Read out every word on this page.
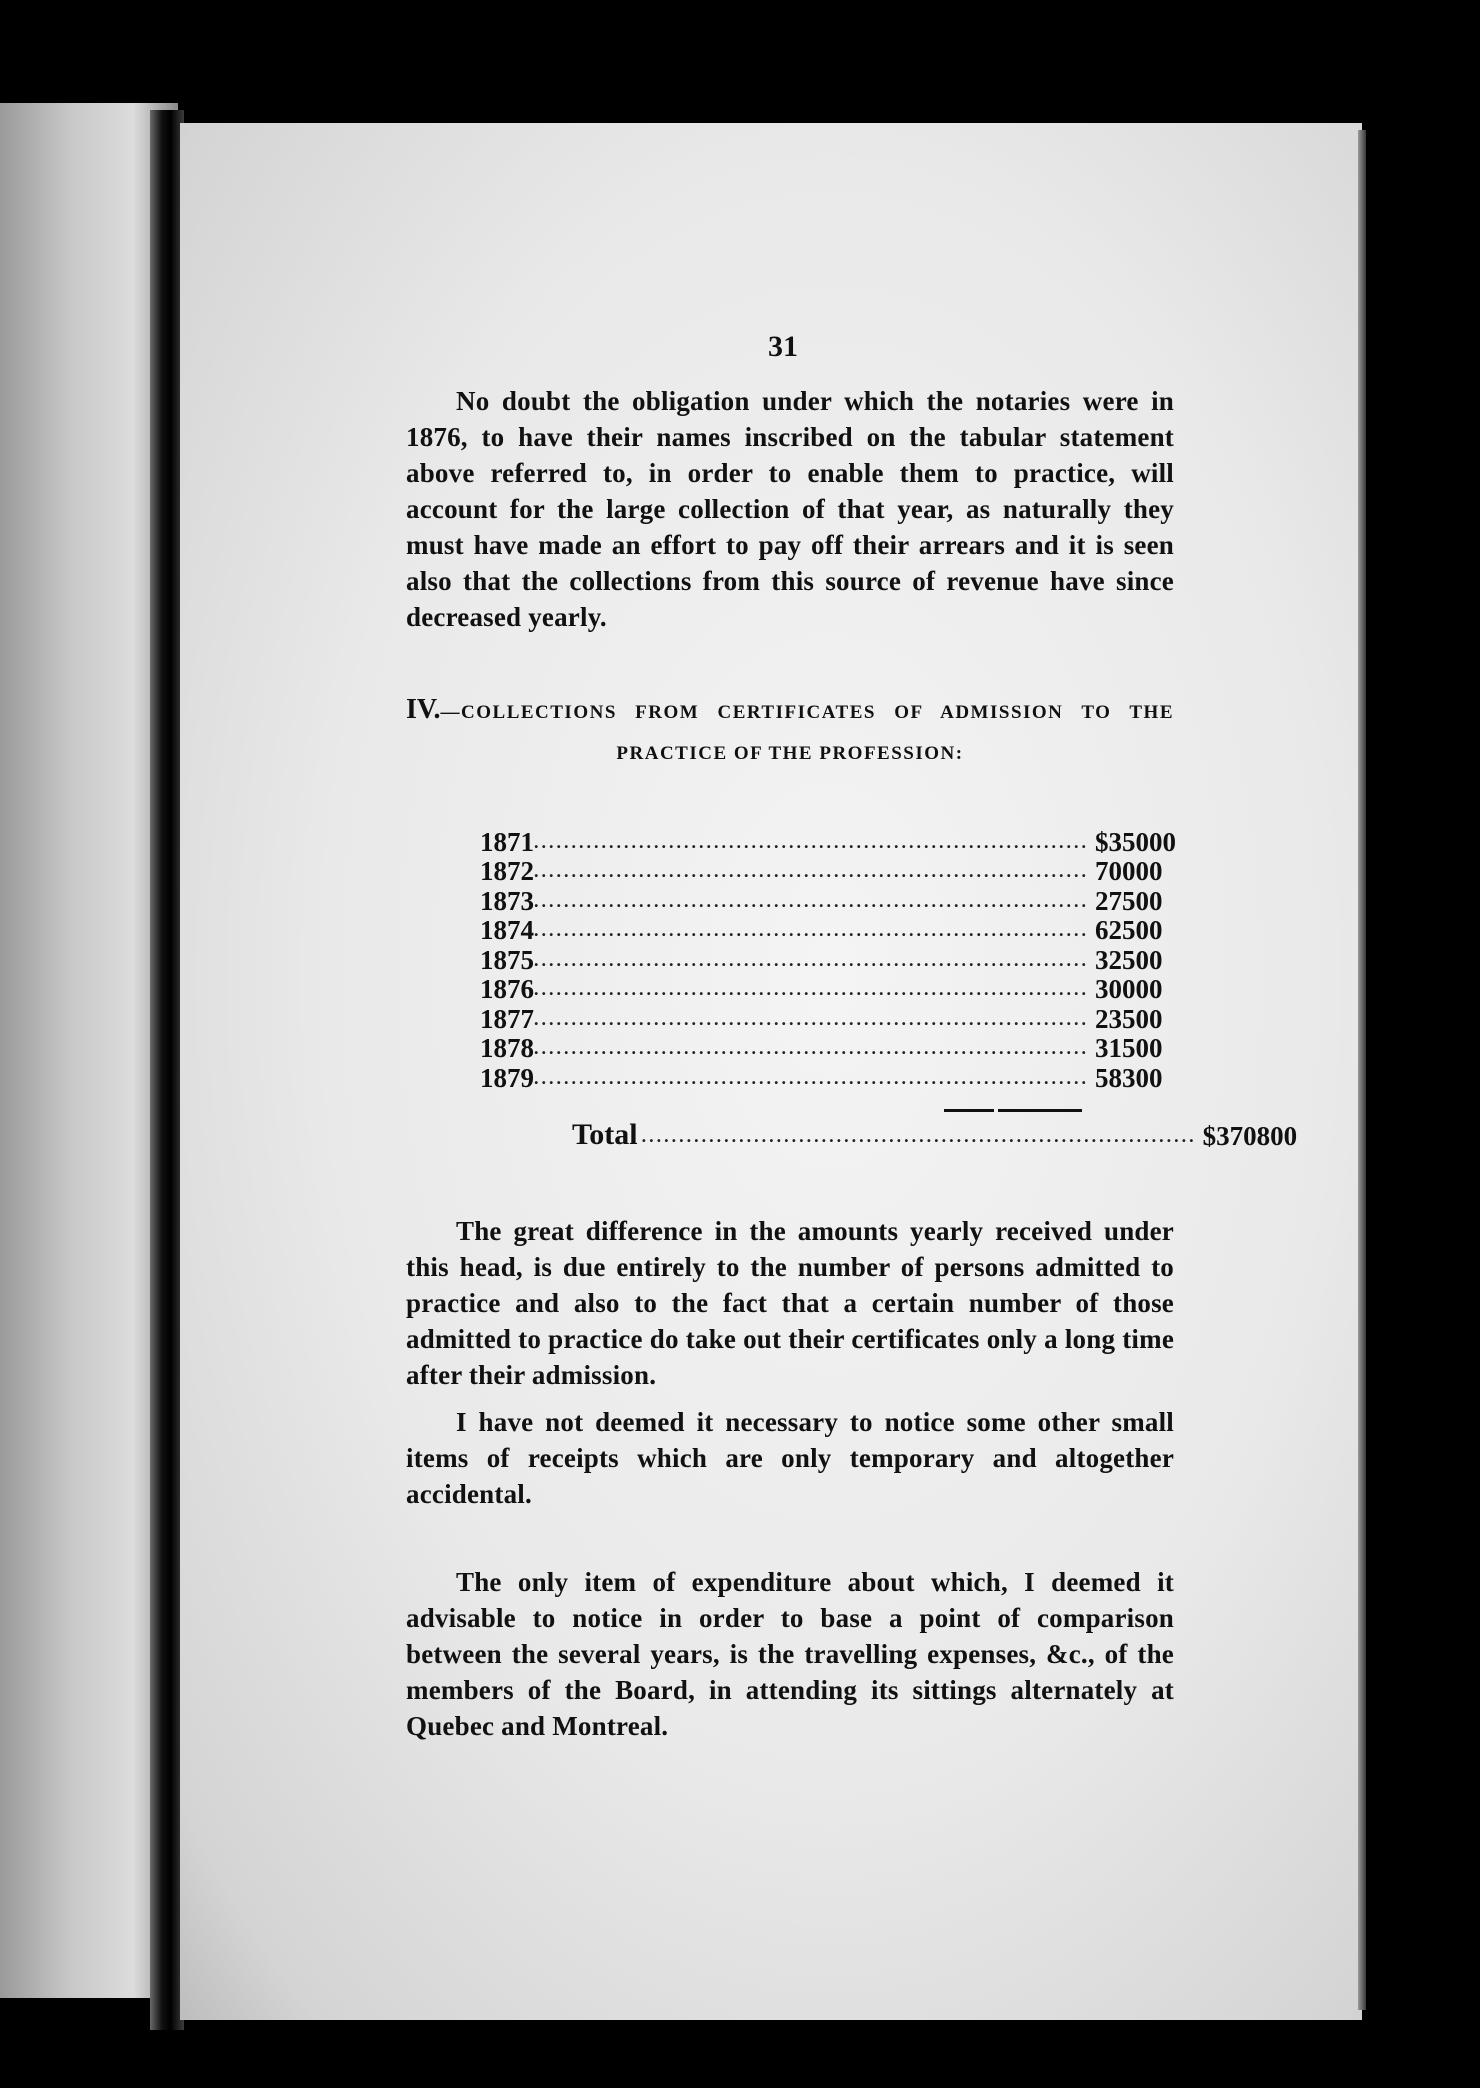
31
No doubt the obligation under which the notaries were in 1876, to have their names inscribed on the tabular statement above referred to, in order to enable them to practice, will account for the large collection of that year, as naturally they must have made an effort to pay off their arrears and it is seen also that the collections from this source of revenue have since decreased yearly.
IV.—COLLECTIONS FROM CERTIFICATES OF ADMISSION TO THE
PRACTICE OF THE PROFESSION:
1871 .......................................................................... $ 350 00
1872 .......................................................................... 700 00
1873 .......................................................................... 275 00
1874 .......................................................................... 625 00
1875 .......................................................................... 325 00
1876 .......................................................................... 300 00
1877 .......................................................................... 235 00
1878 .......................................................................... 315 00
1879 .......................................................................... 583 00
Total .......................................................................... $3708 00
The great difference in the amounts yearly received under this head, is due entirely to the number of persons admitted to practice and also to the fact that a certain number of those admitted to practice do take out their certificates only a long time after their admission.
I have not deemed it necessary to notice some other small items of receipts which are only temporary and altogether accidental.
The only item of expenditure about which, I deemed it advisable to notice in order to base a point of comparison between the several years, is the travelling expenses, &c., of the members of the Board, in attending its sittings alternately at Quebec and Montreal.
